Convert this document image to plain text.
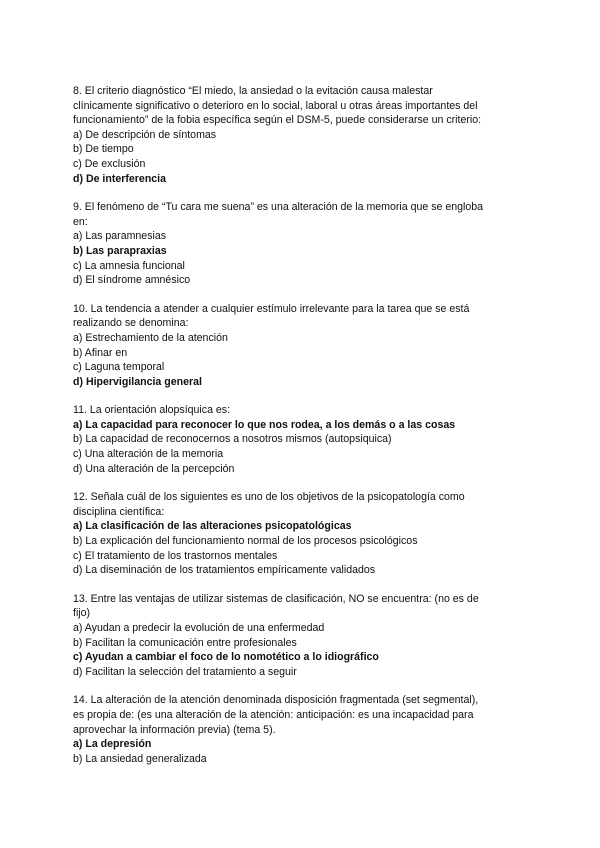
8. El criterio diagnóstico “El miedo, la ansiedad o la evitación causa malestar
clínicamente significativo o deterioro en lo social, laboral u otras áreas importantes del
funcionamiento” de la fobia específica según el DSM-5, puede considerarse un criterio:
a) De descripción de síntomas
b) De tiempo
c) De exclusión
d) De interferencia
9. El fenómeno de “Tu cara me suena” es una alteración de la memoria que se engloba
en:
a) Las paramnesias
b) Las parapraxias
c) La amnesia funcional
d) El síndrome amnésico
10. La tendencia a atender a cualquier estímulo irrelevante para la tarea que se está
realizando se denomina:
a) Estrechamiento de la atención
b) Afinar en
c) Laguna temporal
d) Hipervigilancia general
11. La orientación alopsíquica es:
a) La capacidad para reconocer lo que nos rodea, a los demás o a las cosas
b) La capacidad de reconocernos a nosotros mismos (autopsiquica)
c) Una alteración de la memoria
d) Una alteración de la percepción
12. Señala cuál de los siguientes es uno de los objetivos de la psicopatología como
disciplina científica:
a) La clasificación de las alteraciones psicopatológicas
b) La explicación del funcionamiento normal de los procesos psicológicos
c) El tratamiento de los trastornos mentales
d) La diseminación de los tratamientos empíricamente validados
13. Entre las ventajas de utilizar sistemas de clasificación, NO se encuentra: (no es de
fijo)
a) Ayudan a predecir la evolución de una enfermedad
b) Facilitan la comunicación entre profesionales
c) Ayudan a cambiar el foco de lo nomotético a lo idiográfico
d) Facilitan la selección del tratamiento a seguir
14. La alteración de la atención denominada disposición fragmentada (set segmental),
es propia de: (es una alteración de la atención: anticipación: es una incapacidad para
aprovechar la información previa) (tema 5).
a) La depresión
b) La ansiedad generalizada
